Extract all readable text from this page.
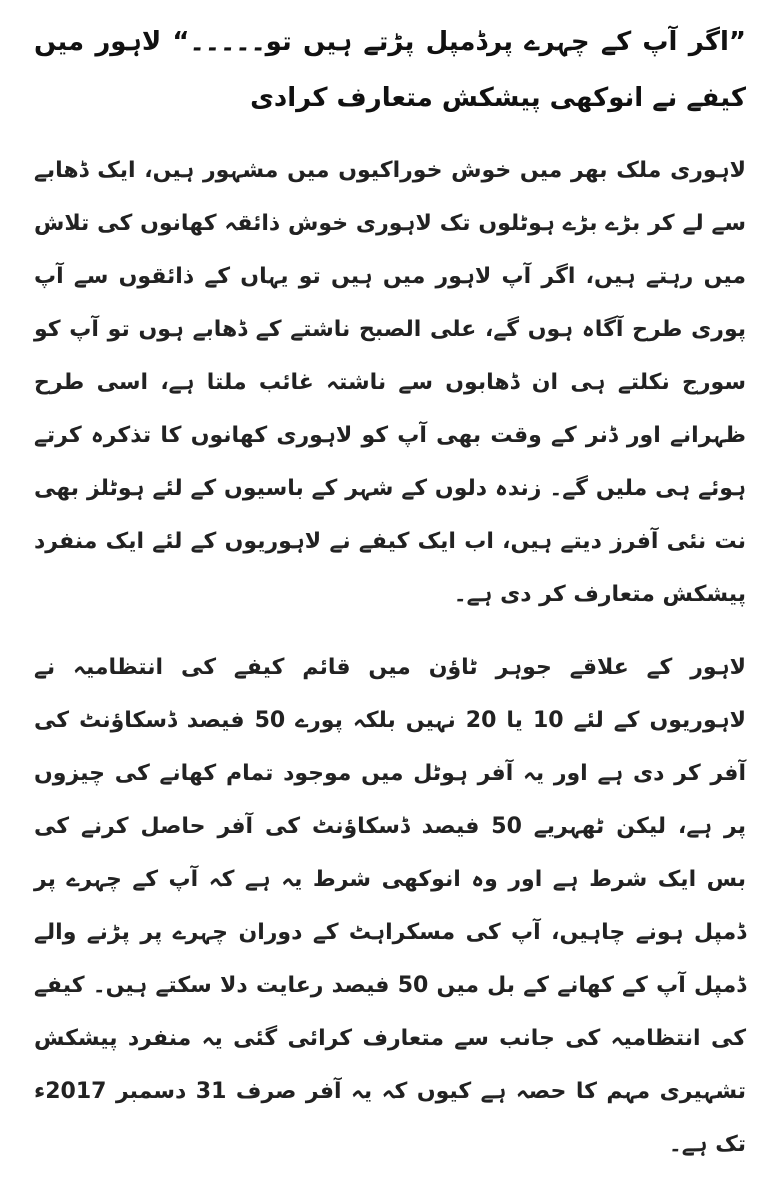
”اگر آپ کے چہرے پرڈمپل پڑتے ہیں تو۔۔۔۔۔“ لاہور میں کیفے نے انوکھی پیشکش متعارف کرادی

لاہوری ملک بھر میں خوش خوراکیوں میں مشہور ہیں، ایک ڈھابے سے لے کر بڑے بڑے ہوٹلوں تک لاہوری خوش ذائقہ کھانوں کی تلاش میں رہتے ہیں، اگر آپ لاہور میں ہیں تو یہاں کے ذائقوں سے آپ پوری طرح آگاہ ہوں گے، علی الصبح ناشتے کے ڈھابے ہوں تو آپ کو سورج نکلتے ہی ان ڈھابوں سے ناشتہ غائب ملتا ہے، اسی طرح ظہرانے اور ڈنر کے وقت بھی آپ کو لاہوری کھانوں کا تذکرہ کرتے ہوئے ہی ملیں گے۔ زندہ دلوں کے شہر کے باسیوں کے لئے ہوٹلز بھی نت نئی آفرز دیتے ہیں، اب ایک کیفے نے لاہوریوں کے لئے ایک منفرد پیشکش متعارف کر دی ہے۔

لاہور کے علاقے جوہر ٹاؤن میں قائم کیفے کی انتظامیہ نے لاہوریوں کے لئے 10 یا 20 نہیں بلکہ پورے 50 فیصد ڈسکاؤنٹ کی آفر کر دی ہے اور یہ آفر ہوٹل میں موجود تمام کھانے کی چیزوں پر ہے، لیکن ٹھہریے 50 فیصد ڈسکاؤنٹ کی آفر حاصل کرنے کی بس ایک شرط ہے اور وہ انوکھی شرط یہ ہے کہ آپ کے چہرے پر ڈمپل ہونے چاہیں، آپ کی مسکراہٹ کے دوران چہرے پر پڑنے والے ڈمپل آپ کے کھانے کے بل میں 50 فیصد رعایت دلا سکتے ہیں۔ کیفے کی انتظامیہ کی جانب سے متعارف کرائی گئی یہ منفرد پیشکش تشہیری مہم کا حصہ ہے کیوں کہ یہ آفر صرف 31 دسمبر 2017ء تک ہے۔
